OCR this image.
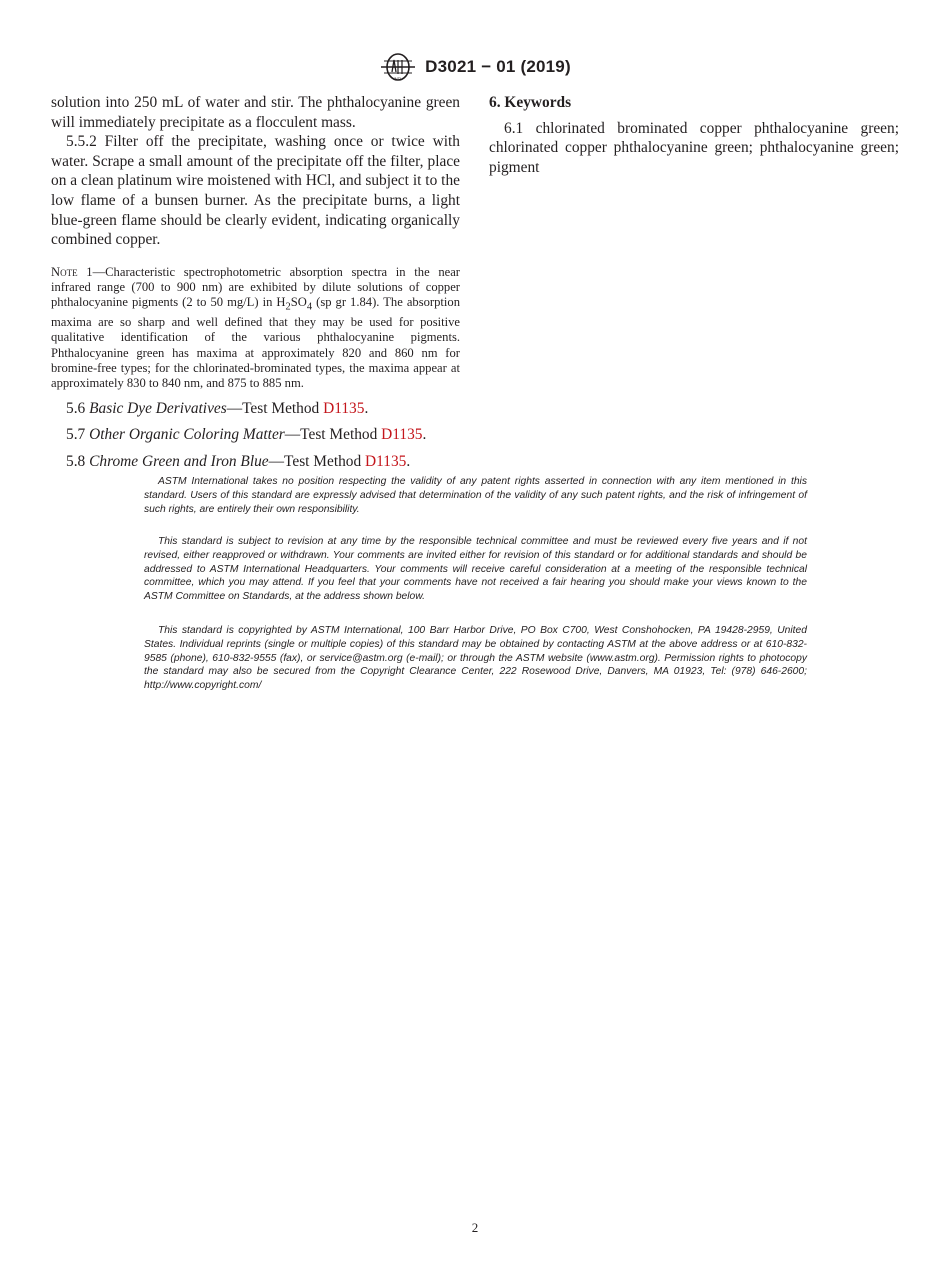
INTL
D3021 − 01 (2019)

solution into 250 mL of water and stir. The phthalocyanine green will immediately precipitate as a flocculent mass.

5.5.2 Filter off the precipitate, washing once or twice with water. Scrape a small amount of the precipitate off the filter, place on a clean platinum wire moistened with HCl, and subject it to the low flame of a bunsen burner. As the precipitate burns, a light blue-green flame should be clearly evident, indicating organically combined copper.

Note 1—Characteristic spectrophotometric absorption spectra in the near infrared range (700 to 900 nm) are exhibited by dilute solutions of copper phthalocyanine pigments (2 to 50 mg/L) in $H_2SO_4$ (sp gr 1.84). The absorption maxima are so sharp and well defined that they may be used for positive qualitative identification of the various phthalocyanine pigments. Phthalocyanine green has maxima at approximately 820 and 860 nm for bromine-free types; for the chlorinated-brominated types, the maxima appear at approximately 830 to 840 nm, and 875 to 885 nm.

5.6 Basic Dye Derivatives—Test Method D1135.

5.7 Other Organic Coloring Matter—Test Method D1135.

5.8 Chrome Green and Iron Blue—Test Method D1135.

6. Keywords

6.1 chlorinated brominated copper phthalocyanine green; chlorinated copper phthalocyanine green; phthalocyanine green; pigment

ASTM International takes no position respecting the validity of any patent rights asserted in connection with any item mentioned in this standard. Users of this standard are expressly advised that determination of the validity of any such patent rights, and the risk of infringement of such rights, are entirely their own responsibility.

This standard is subject to revision at any time by the responsible technical committee and must be reviewed every five years and if not revised, either reapproved or withdrawn. Your comments are invited either for revision of this standard or for additional standards and should be addressed to ASTM International Headquarters. Your comments will receive careful consideration at a meeting of the responsible technical committee, which you may attend. If you feel that your comments have not received a fair hearing you should make your views known to the ASTM Committee on Standards, at the address shown below.

This standard is copyrighted by ASTM International, 100 Barr Harbor Drive, PO Box C700, West Conshohocken, PA 19428-2959, United States. Individual reprints (single or multiple copies) of this standard may be obtained by contacting ASTM at the above address or at 610-832-9585 (phone), 610-832-9555 (fax), or service@astm.org (e-mail); or through the ASTM website (www.astm.org). Permission rights to photocopy the standard may also be secured from the Copyright Clearance Center, 222 Rosewood Drive, Danvers, MA 01923, Tel: (978) 646-2600; http://www.copyright.com/

2
